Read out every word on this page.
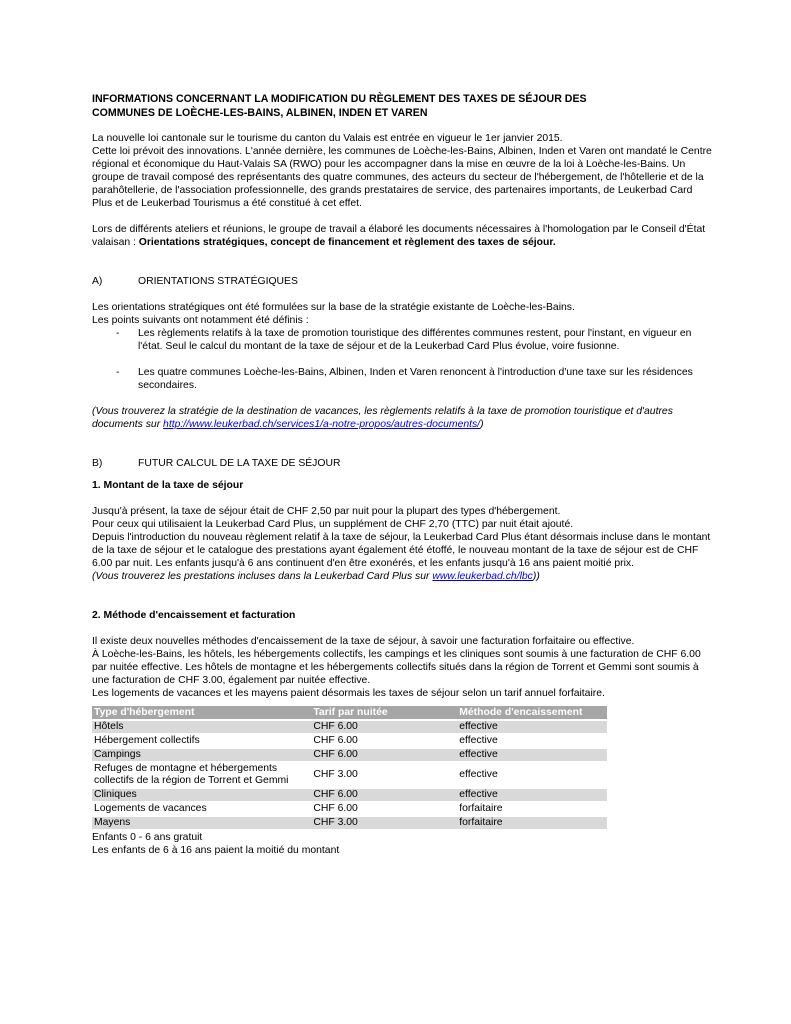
INFORMATIONS CONCERNANT LA MODIFICATION DU RÈGLEMENT DES TAXES DE SÉJOUR DES
COMMUNES DE LOÈCHE-LES-BAINS, ALBINEN, INDEN ET VAREN

La nouvelle loi cantonale sur le tourisme du canton du Valais est entrée en vigueur le 1er janvier 2015.

Cette loi prévoit des innovations. L'année dernière, les communes de Loèche-les-Bains, Albinen, Inden et Varen ont mandaté le Centre régional et économique du Haut-Valais SA (RWO) pour les accompagner dans la mise en œuvre de la loi à Loèche-les-Bains. Un groupe de travail composé des représentants des quatre communes, des acteurs du secteur de l'hébergement, de l'hôtellerie et de la parahôtellerie, de l'association professionnelle, des grands prestataires de service, des partenaires importants, de Leukerbad Card Plus et de Leukerbad Tourismus a été constitué à cet effet.

Lors de différents ateliers et réunions, le groupe de travail a élaboré les documents nécessaires à l'homologation par le Conseil d'État valaisan : Orientations stratégiques, concept de financement et règlement des taxes de séjour.

A)	ORIENTATIONS STRATÉGIQUES

Les orientations stratégiques ont été formulées sur la base de la stratégie existante de Loèche-les-Bains.

Les points suivants ont notamment été définis :

- Les règlements relatifs à la taxe de promotion touristique des différentes communes restent, pour l'instant, en vigueur en l'état. Seul le calcul du montant de la taxe de séjour et de la Leukerbad Card Plus évolue, voire fusionne.
- Les quatre communes Loèche-les-Bains, Albinen, Inden et Varen renoncent à l'introduction d'une taxe sur les résidences secondaires.

(Vous trouverez la stratégie de la destination de vacances, les règlements relatifs à la taxe de promotion touristique et d'autres documents sur http://www.leukerbad.ch/services1/a-notre-propos/autres-documents/)

B)	FUTUR CALCUL DE LA TAXE DE SÉJOUR

1. Montant de la taxe de séjour

Jusqu'à présent, la taxe de séjour était de CHF 2,50 par nuit pour la plupart des types d'hébergement.

Pour ceux qui utilisaient la Leukerbad Card Plus, un supplément de CHF 2,70 (TTC) par nuit était ajouté.

Depuis l'introduction du nouveau règlement relatif à la taxe de séjour, la Leukerbad Card Plus étant désormais incluse dans le montant de la taxe de séjour et le catalogue des prestations ayant également été étoffé, le nouveau montant de la taxe de séjour est de CHF 6.00 par nuit. Les enfants jusqu'à 6 ans continuent d'en être exonérés, et les enfants jusqu'à 16 ans paient moitié prix.

(Vous trouverez les prestations incluses dans la Leukerbad Card Plus sur www.leukerbad.ch/lbc))

2. Méthode d'encaissement et facturation

Il existe deux nouvelles méthodes d'encaissement de la taxe de séjour, à savoir une facturation forfaitaire ou effective.

À Loèche-les-Bains, les hôtels, les hébergements collectifs, les campings et les cliniques sont soumis à une facturation de CHF 6.00 par nuitée effective. Les hôtels de montagne et les hébergements collectifs situés dans la région de Torrent et Gemmi sont soumis à une facturation de CHF 3.00, également par nuitée effective.

Les logements de vacances et les mayens paient désormais les taxes de séjour selon un tarif annuel forfaitaire.

Type d'hébergement	Tarif par nuitée	Méthode d'encaissement
Hôtels	CHF 6.00	effective
Hébergement collectifs	CHF 6.00	effective
Campings	CHF 6.00	effective
Refuges de montagne et hébergements collectifs de la région de Torrent et Gemmi	CHF 3.00	effective
Cliniques	CHF 6.00	effective
Logements de vacances	CHF 6.00	forfaitaire
Mayens	CHF 3.00	forfaitaire

Enfants 0 - 6 ans gratuit

Les enfants de 6 à 16 ans paient la moitié du montant
